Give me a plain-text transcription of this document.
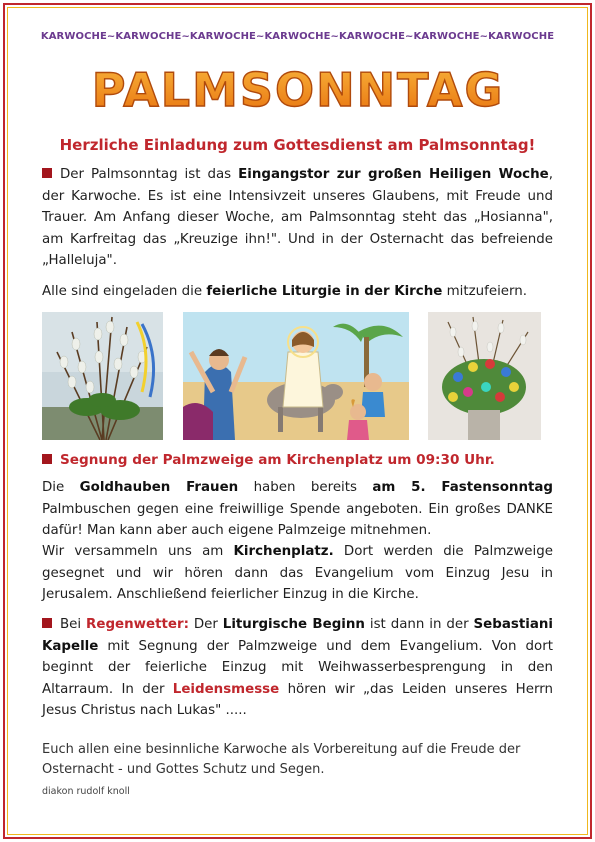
KARWOCHE~KARWOCHE~KARWOCHE~KARWOCHE~KARWOCHE~KARWOCHE~KARWOCHE
PALMSONNTAG
Herzliche Einladung zum Gottesdienst am Palmsonntag!
Der Palmsonntag ist das Eingangstor zur großen Heiligen Woche, der Karwoche. Es ist eine Intensivzeit unseres Glaubens, mit Freude und Trauer. Am Anfang dieser Woche, am Palmsonntag steht das „Hosianna", am Karfreitag das „Kreuzige ihn!". Und in der Osternacht das befreiende „Halleluja".
Alle sind eingeladen die feierliche Liturgie in der Kirche mitzufeiern.
Segnung der Palmzweige am Kirchenplatz um 09:30 Uhr.
Die Goldhauben Frauen haben bereits am 5. Fastensonntag Palmbuschen gegen eine freiwillige Spende angeboten. Ein großes DANKE dafür! Man kann aber auch eigene Palmzeige mitnehmen.
Wir versammeln uns am Kirchenplatz. Dort werden die Palmzweige gesegnet und wir hören dann das Evangelium vom Einzug Jesu in Jerusalem. Anschließend feierlicher Einzug in die Kirche.
Bei Regenwetter: Der Liturgische Beginn ist dann in der Sebastiani Kapelle mit Segnung der Palmzweige und dem Evangelium. Von dort beginnt der feierliche Einzug mit Weihwasserbesprengung in den Altarraum. In der Leidensmesse hören wir „das Leiden unseres Herrn Jesus Christus nach Lukas" .....
Euch allen eine besinnliche Karwoche als Vorbereitung auf die Freude der Osternacht - und Gottes Schutz und Segen.
diakon rudolf knoll
